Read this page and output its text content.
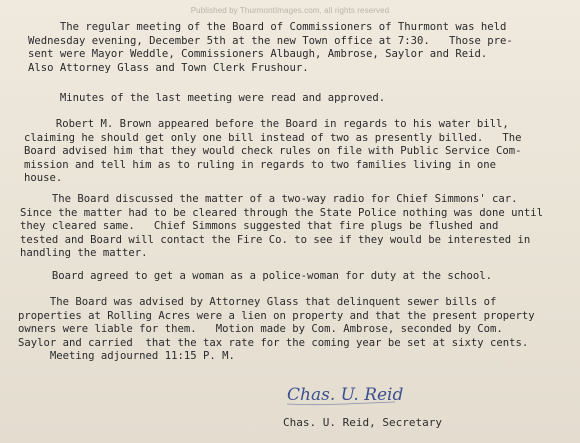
Published by ThurmontImages.com, all rights reserved
The regular meeting of the Board of Commissioners of Thurmont was held
Wednesday evening, December 5th at the new Town office at 7:30.   Those pre-
sent were Mayor Weddle, Commissioners Albaugh, Ambrose, Saylor and Reid.
Also Attorney Glass and Town Clerk Frushour.
Minutes of the last meeting were read and approved.
Robert M. Brown appeared before the Board in regards to his water bill,
claiming he should get only one bill instead of two as presently billed.   The
Board advised him that they would check rules on file with Public Service Com-
mission and tell him as to ruling in regards to two families living in one
house.
The Board discussed the matter of a two-way radio for Chief Simmons' car.
Since the matter had to be cleared through the State Police nothing was done until
they cleared same.   Chief Simmons suggested that fire plugs be flushed and
tested and Board will contact the Fire Co. to see if they would be interested in
handling the matter.
Board agreed to get a woman as a police-woman for duty at the school.
The Board was advised by Attorney Glass that delinquent sewer bills of
properties at Rolling Acres were a lien on property and that the present property
owners were liable for them.   Motion made by Com. Ambrose, seconded by Com.
Saylor and carried  that the tax rate for the coming year be set at sixty cents.
Meeting adjourned 11:15 P. M.
Chas. U. Reid
Chas. U. Reid, Secretary
